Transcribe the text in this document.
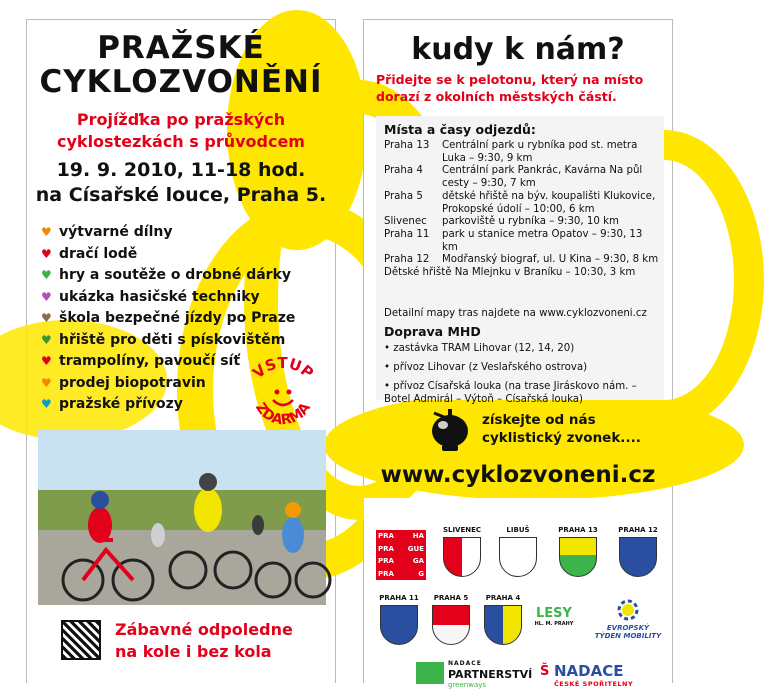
PRAŽSKÉ
CYKLOZVONĚNÍ
Projížďka po pražských
cyklostezkách s průvodcem
19. 9. 2010, 11-18 hod.
na Císařské louce, Praha 5.
♥ výtvarné dílny
♥ dračí lodě
♥ hry a soutěže o drobné dárky
♥ ukázka hasičské techniky
♥ škola bezpečné jízdy po Praze
♥ hřiště pro děti s pískovištěm
♥ trampolíny, pavoučí síť
♥ prodej biopotravin
♥ pražské přívozy
VSTUP
ZDARMA
Zábavné odpoledne
na kole i bez kola
kudy k nám?
Přidejte se k pelotonu, který na místo
dorazí z okolních městských částí.
Místa a časy odjezdů:
Praha 13	Centrální park u rybníka pod st. metra Luka – 9:30, 9 km
Praha 4	Centrální park Pankrác, Kavárna Na půl cesty – 9:30, 7 km
Praha 5	dětské hřiště na býv. koupališti Klukovice, Prokopské údolí – 10:00, 6 km
Slivenec	parkoviště u rybníka – 9:30, 10 km
Praha 11	park u stanice metra Opatov – 9:30, 13 km
Praha 12	Modřanský biograf, ul. U Kina – 9:30, 8 km
Dětské hřiště Na Mlejnku v Braníku – 10:30, 3 km
Detailní mapy tras najdete na www.cyklozvoneni.cz
Doprava MHD
• zastávka TRAM Lihovar (12, 14, 20)
• přívoz Lihovar (z Veslařského ostrova)
• přívoz Císařská louka (na trase Jiráskovo nám. – Botel Admirál – Výtoň – Císařská louka)
získejte od nás
cyklistický zvonek....
www.cyklozvoneni.cz
PRA	HA
PRA GUE
PRA	GA
PRA	G
SLIVENEC	LIBUŠ	PRAHA 13	PRAHA 12
PRAHA 11	PRAHA 5	PRAHA 4
LESY
HL. M. PRAHY	EVROPSKÝ
TÝDEN MOBILITY
NADACE
PARTNERSTVÍ
greenways
Š NADACE
ČESKÉ SPOŘITELNY
